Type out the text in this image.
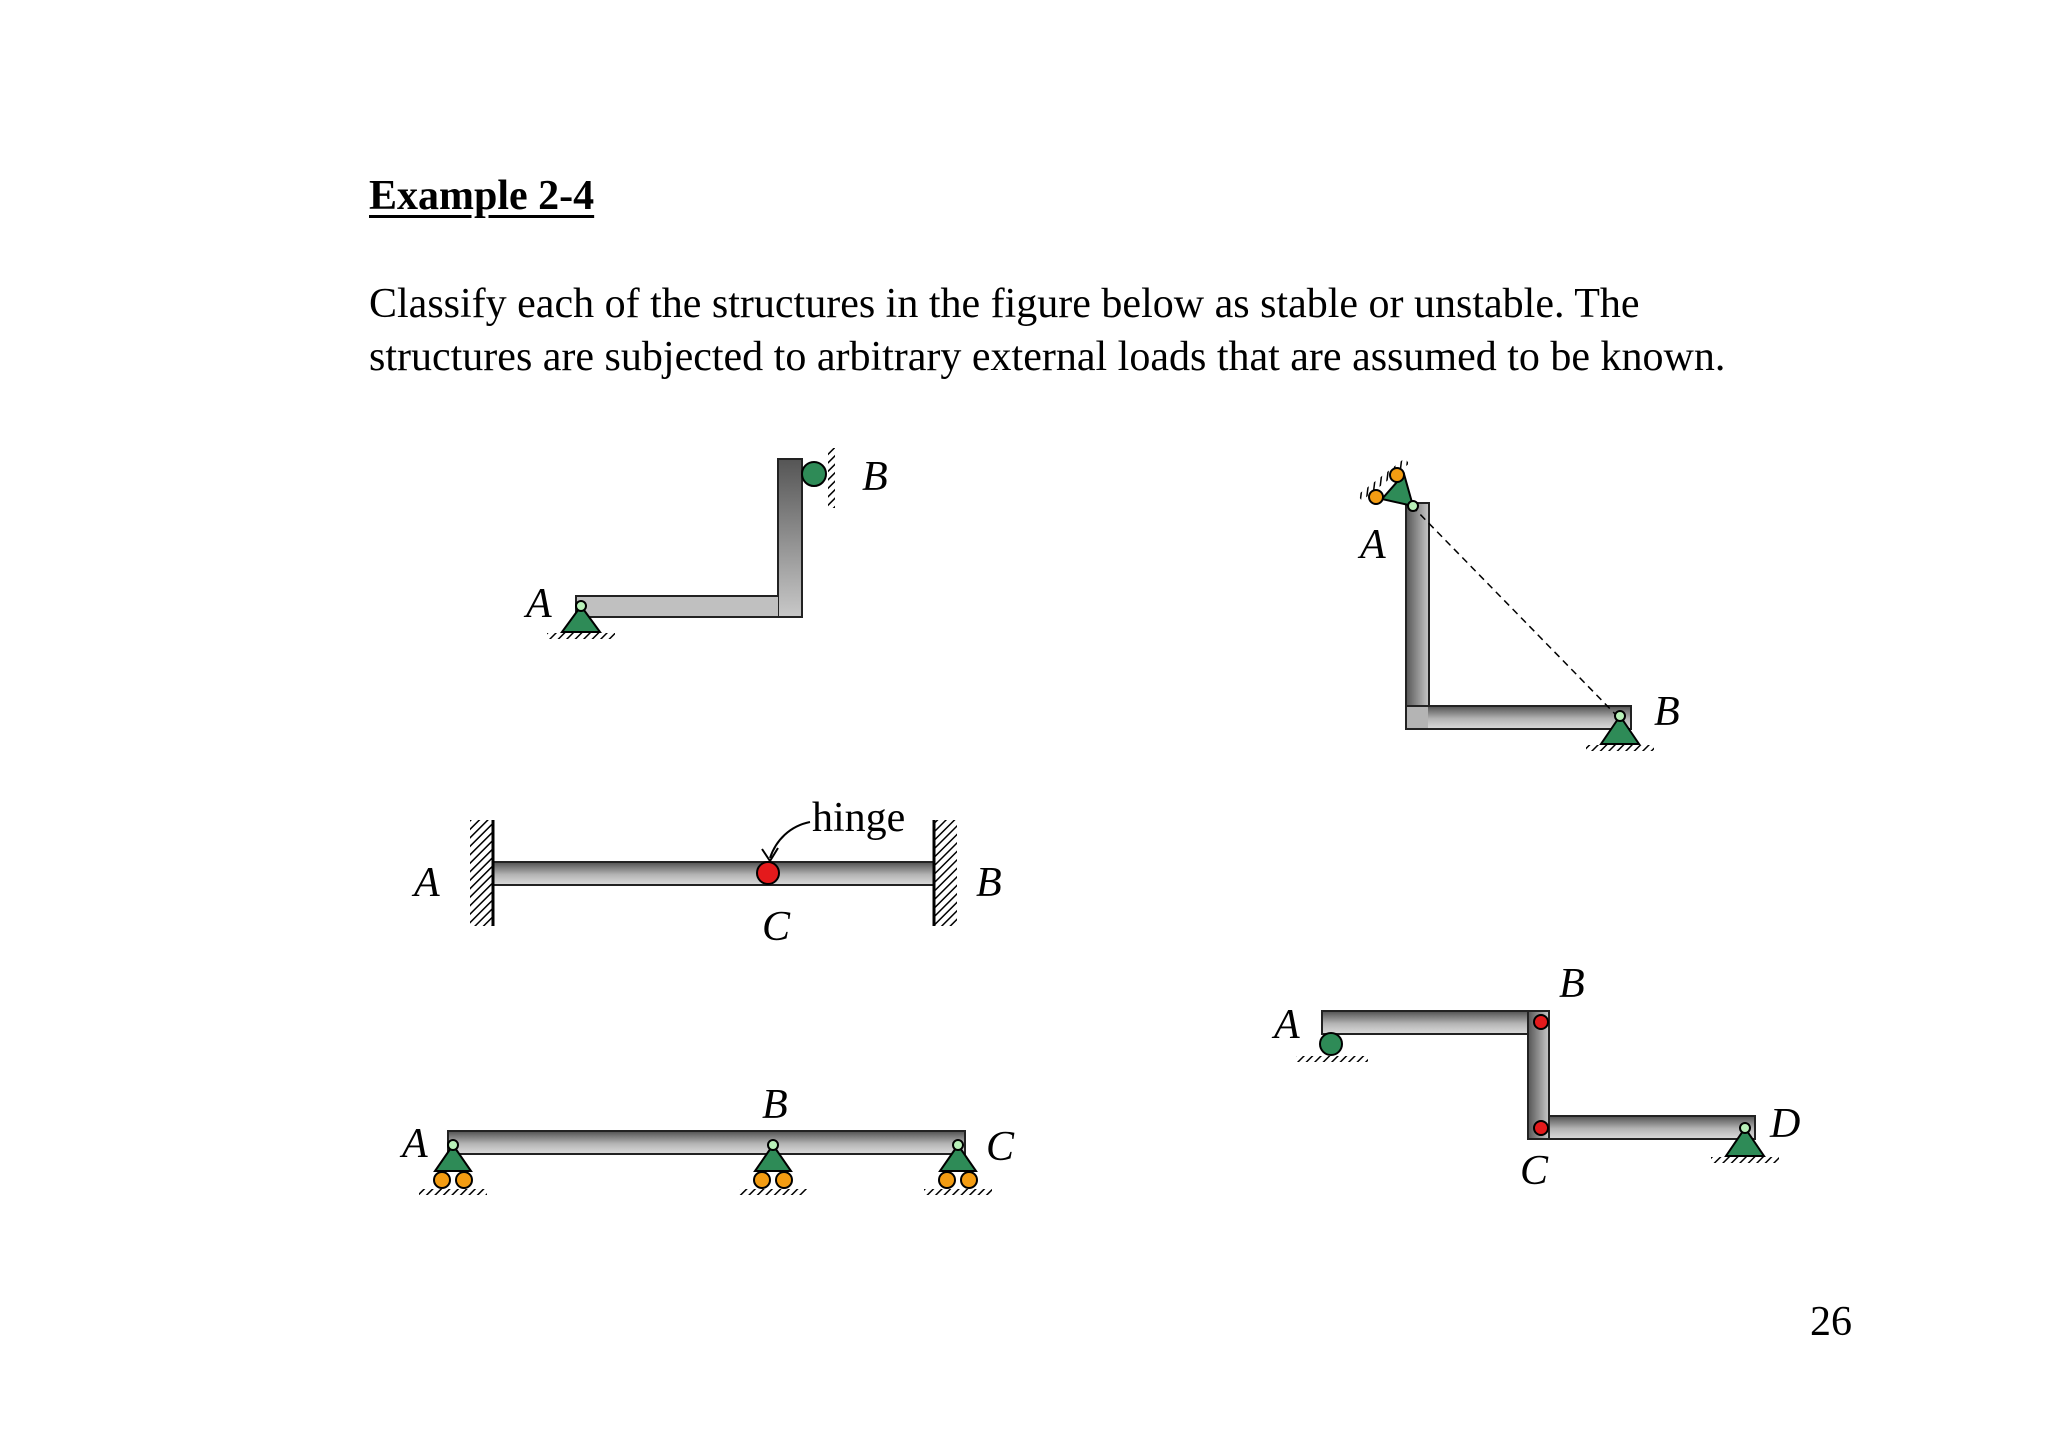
Example 2-4
Classify each of the structures in the figure below as stable or unstable. The
structures are subjected to arbitrary external loads that are assumed to be known.
26
A
B
A
B
hinge
A	B
C
A
B
C
A
B
C
D
